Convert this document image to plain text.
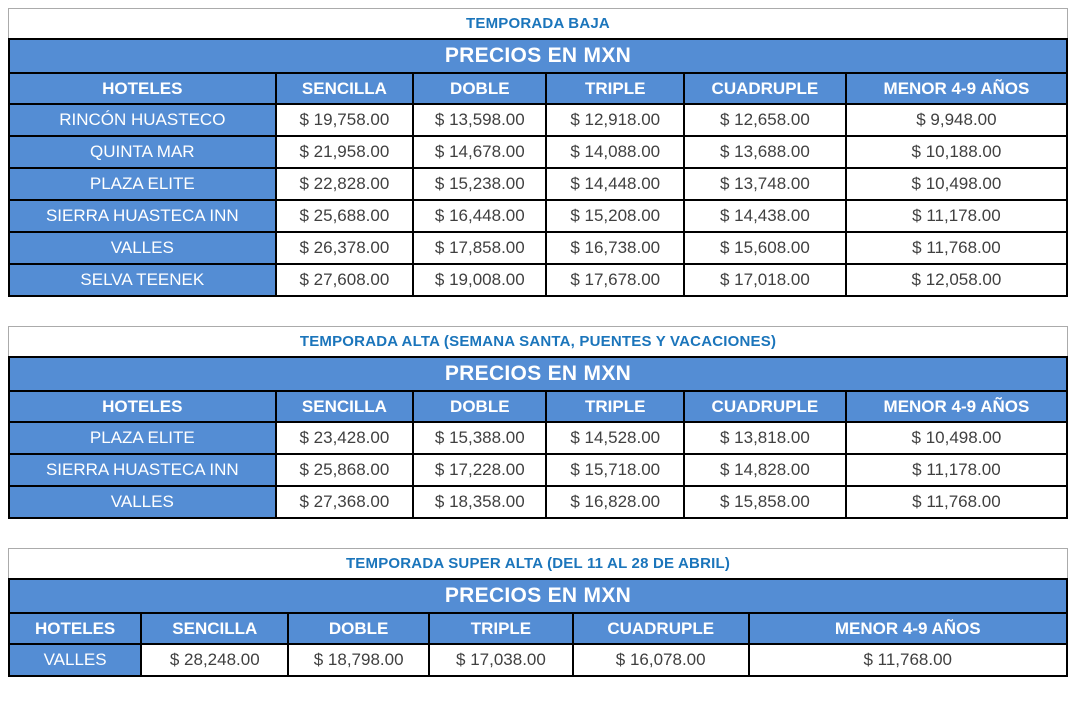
TEMPORADA BAJA
PRECIOS EN MXN					
HOTELES	SENCILLA	DOBLE	TRIPLE	CUADRUPLE	MENOR 4-9 AÑOS
RINCÓN HUASTECO	$ 19,758.00	$ 13,598.00	$ 12,918.00	$ 12,658.00	$ 9,948.00
QUINTA MAR	$ 21,958.00	$ 14,678.00	$ 14,088.00	$ 13,688.00	$ 10,188.00
PLAZA ELITE	$ 22,828.00	$ 15,238.00	$ 14,448.00	$ 13,748.00	$ 10,498.00
SIERRA HUASTECA INN	$ 25,688.00	$ 16,448.00	$ 15,208.00	$ 14,438.00	$ 11,178.00
VALLES	$ 26,378.00	$ 17,858.00	$ 16,738.00	$ 15,608.00	$ 11,768.00
SELVA TEENEK	$ 27,608.00	$ 19,008.00	$ 17,678.00	$ 17,018.00	$ 12,058.00
TEMPORADA ALTA (SEMANA SANTA, PUENTES Y VACACIONES)
PRECIOS EN MXN					
HOTELES	SENCILLA	DOBLE	TRIPLE	CUADRUPLE	MENOR 4-9 AÑOS
PLAZA ELITE	$ 23,428.00	$ 15,388.00	$ 14,528.00	$ 13,818.00	$ 10,498.00
SIERRA HUASTECA INN	$ 25,868.00	$ 17,228.00	$ 15,718.00	$ 14,828.00	$ 11,178.00
VALLES	$ 27,368.00	$ 18,358.00	$ 16,828.00	$ 15,858.00	$ 11,768.00
TEMPORADA SUPER ALTA (DEL 11 AL 28 DE ABRIL)
PRECIOS EN MXN					
HOTELES	SENCILLA	DOBLE	TRIPLE	CUADRUPLE	MENOR 4-9 AÑOS
VALLES	$ 28,248.00	$ 18,798.00	$ 17,038.00	$ 16,078.00	$ 11,768.00
